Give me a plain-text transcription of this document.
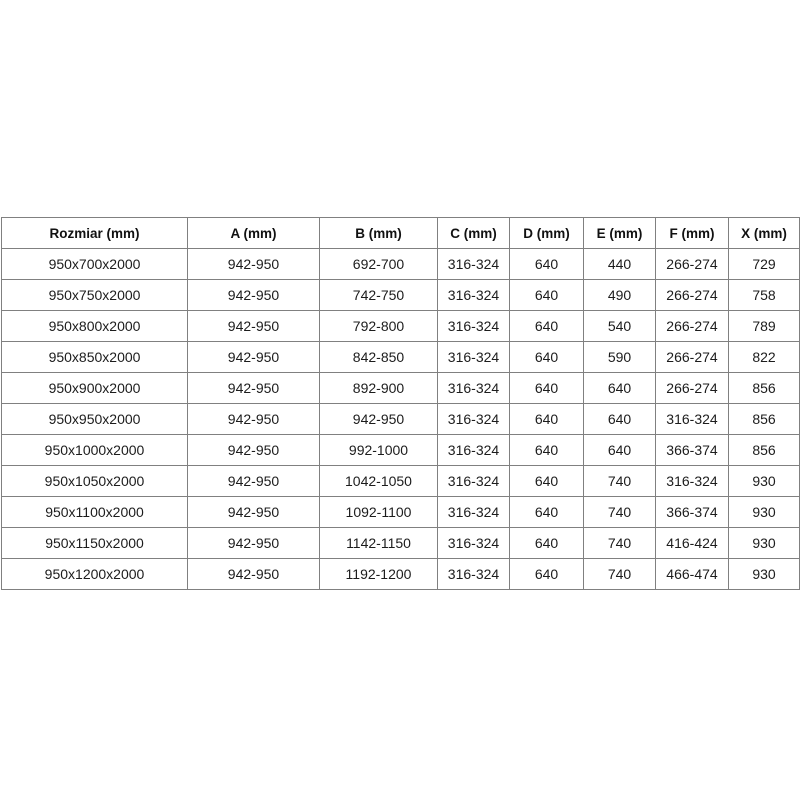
Rozmiar (mm)	A (mm)	B (mm)	C (mm)	D (mm)	E (mm)	F (mm)	X (mm)
950x700x2000	942-950	692-700	316-324	640	440	266-274	729
950x750x2000	942-950	742-750	316-324	640	490	266-274	758
950x800x2000	942-950	792-800	316-324	640	540	266-274	789
950x850x2000	942-950	842-850	316-324	640	590	266-274	822
950x900x2000	942-950	892-900	316-324	640	640	266-274	856
950x950x2000	942-950	942-950	316-324	640	640	316-324	856
950x1000x2000	942-950	992-1000	316-324	640	640	366-374	856
950x1050x2000	942-950	1042-1050	316-324	640	740	316-324	930
950x1100x2000	942-950	1092-1100	316-324	640	740	366-374	930
950x1150x2000	942-950	1142-1150	316-324	640	740	416-424	930
950x1200x2000	942-950	1192-1200	316-324	640	740	466-474	930
